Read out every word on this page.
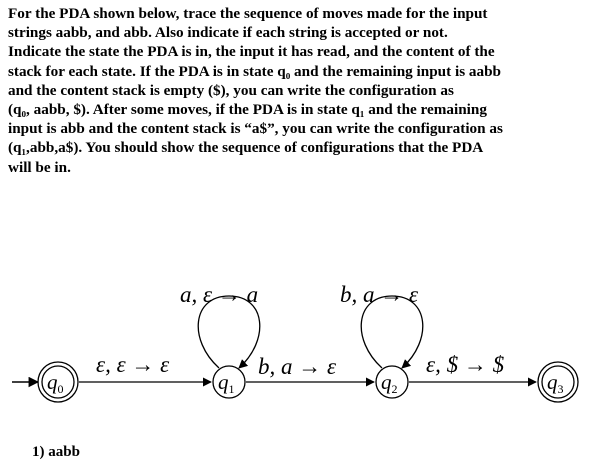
For the PDA shown below, trace the sequence of moves made for the input
strings aabb, and abb. Also indicate if each string is accepted or not.
Indicate the state the PDA is in, the input it has read, and the content of the
stack for each state. If the PDA is in state q₀ and the remaining input is aabb
and the content stack is empty ($), you can write the configuration as
(q₀, aabb, $). After some moves, if the PDA is in state q₁ and the remaining
input is abb and the content stack is “a$”, you can write the configuration as
(q₁,abb,a$). You should show the sequence of configurations that the PDA
will be in.
q0	q1	q2	q3
ε, ε → ε
a, ε → a
b, a → ε
b, a → ε
ε, $ → $
1) aabb
